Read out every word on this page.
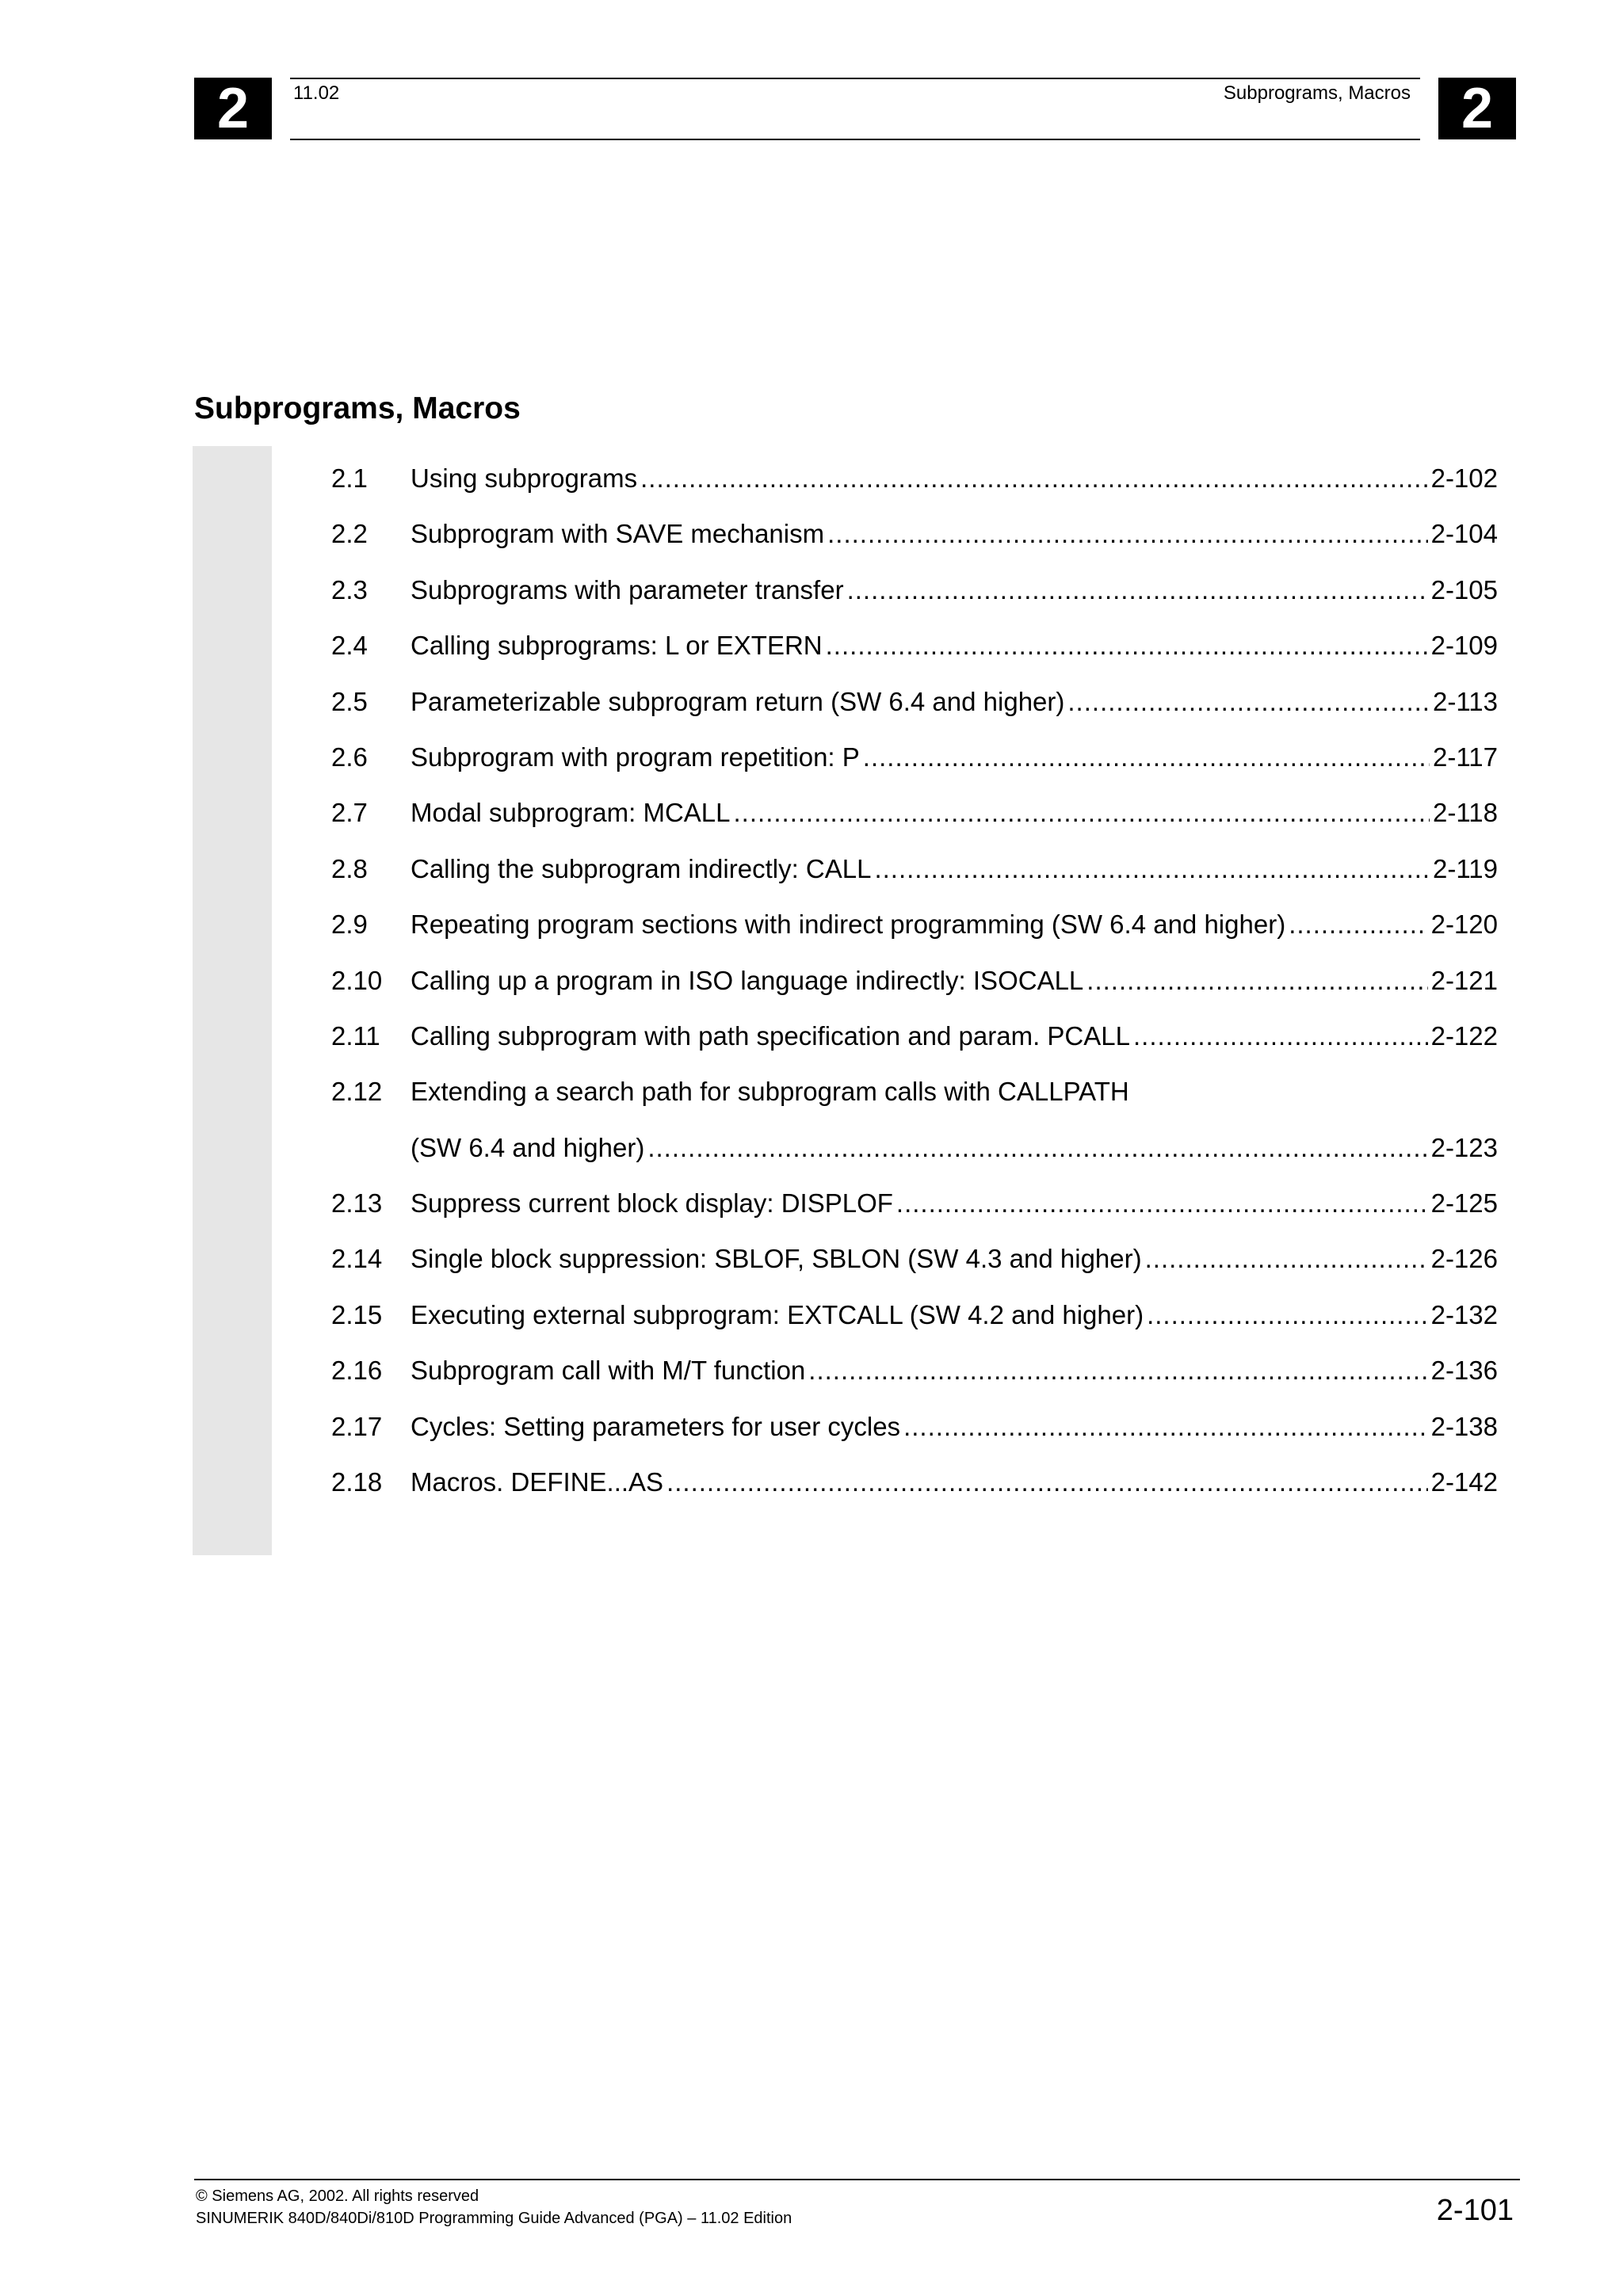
2	11.02	Subprograms, Macros 2
Subprograms, Macros
2.1	Using subprograms .....	2-102
2.2	Subprogram with SAVE mechanism .....	2-104
2.3	Subprograms with parameter transfer .....	2-105
2.4	Calling subprograms: L or EXTERN .....	2-109
2.5	Parameterizable subprogram return (SW 6.4 and higher) .....	2-113
2.6	Subprogram with program repetition: P .....	2-117
2.7	Modal subprogram: MCALL .....	2-118
2.8	Calling the subprogram indirectly: CALL .....	2-119
2.9	Repeating program sections with indirect programming (SW 6.4 and higher) .....	2-120
2.10	Calling up a program in ISO language indirectly: ISOCALL .....	2-121
2.11	Calling subprogram with path specification and param. PCALL .....	2-122
2.12	Extending a search path for subprogram calls with CALLPATH
(SW 6.4 and higher) .....	2-123
2.13	Suppress current block display: DISPLOF .....	2-125
2.14	Single block suppression: SBLOF, SBLON (SW 4.3 and higher) .....	2-126
2.15	Executing external subprogram: EXTCALL (SW 4.2 and higher) .....	2-132
2.16	Subprogram call with M/T function .....	2-136
2.17	Cycles: Setting parameters for user cycles .....	2-138
2.18	Macros. DEFINE...AS .....	2-142
© Siemens AG, 2002. All rights reserved
SINUMERIK 840D/840Di/810D Programming Guide Advanced (PGA) – 11.02 Edition	2-101
